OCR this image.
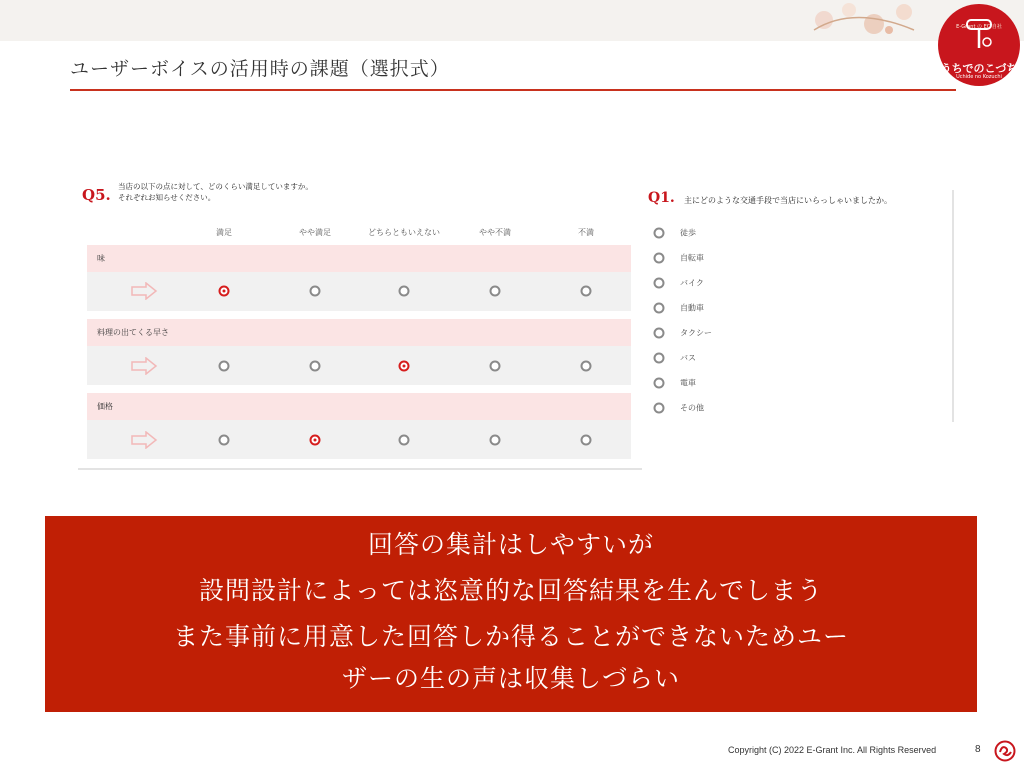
E-Grant の EC 自社
うちでのこづち
Uchide no Kozuchi
ユーザーボイスの活用時の課題（選択式）
Q5. 当店の以下の点に対して、どのくらい満足していますか。
それぞれお知らせください。
満足	やや満足	どちらともいえない	やや不満	不満
味
料理の出てくる早さ
価格
Q1. 主にどのような交通手段で当店にいらっしゃいましたか。
徒歩
自転車
バイク
自動車
タクシー
バス
電車
その他
回答の集計はしやすいが
設問設計によっては恣意的な回答結果を生んでしまう
また事前に用意した回答しか得ることができないためユー
ザーの生の声は収集しづらい
Copyright (C) 2022 E-Grant Inc. All Rights Reserved	8
